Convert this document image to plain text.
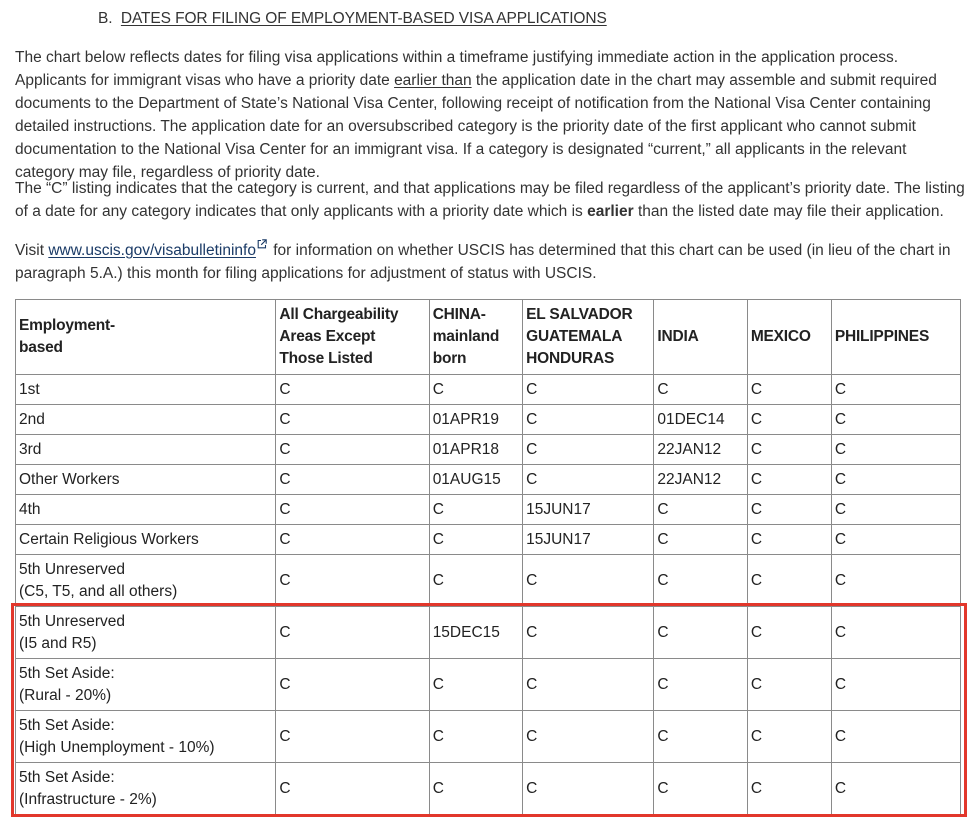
B. DATES FOR FILING OF EMPLOYMENT-BASED VISA APPLICATIONS

The chart below reflects dates for filing visa applications within a timeframe justifying immediate action in the application process. Applicants for immigrant visas who have a priority date earlier than the application date in the chart may assemble and submit required documents to the Department of State’s National Visa Center, following receipt of notification from the National Visa Center containing detailed instructions. The application date for an oversubscribed category is the priority date of the first applicant who cannot submit documentation to the National Visa Center for an immigrant visa. If a category is designated “current,” all applicants in the relevant category may file, regardless of priority date.

The “C” listing indicates that the category is current, and that applications may be filed regardless of the applicant’s priority date. The listing of a date for any category indicates that only applicants with a priority date which is earlier than the listed date may file their application.

Visit www.uscis.gov/visabulletininfo for information on whether USCIS has determined that this chart can be used (in lieu of the chart in paragraph 5.A.) this month for filing applications for adjustment of status with USCIS.

Employment-
based	All Chargeability
Areas Except
Those Listed	CHINA-
mainland
born	EL SALVADOR
GUATEMALA
HONDURAS	INDIA	MEXICO	PHILIPPINES

1st	C	C	C	C	C	C

2nd	C	01APR19	C	01DEC14	C	C

3rd	C	01APR18	C	22JAN12	C	C

Other Workers	C	01AUG15	C	22JAN12	C	C

4th	C	C	15JUN17	C	C	C

Certain Religious Workers	C	C	15JUN17	C	C	C

5th Unreserved
(C5, T5, and all others)	C	C	C	C	C	C

5th Unreserved
(I5 and R5)	C	15DEC15	C	C	C	C

5th Set Aside:
(Rural - 20%)	C	C	C	C	C	C

5th Set Aside:
(High Unemployment - 10%)	C	C	C	C	C	C

5th Set Aside:
(Infrastructure - 2%)	C	C	C	C	C	C
